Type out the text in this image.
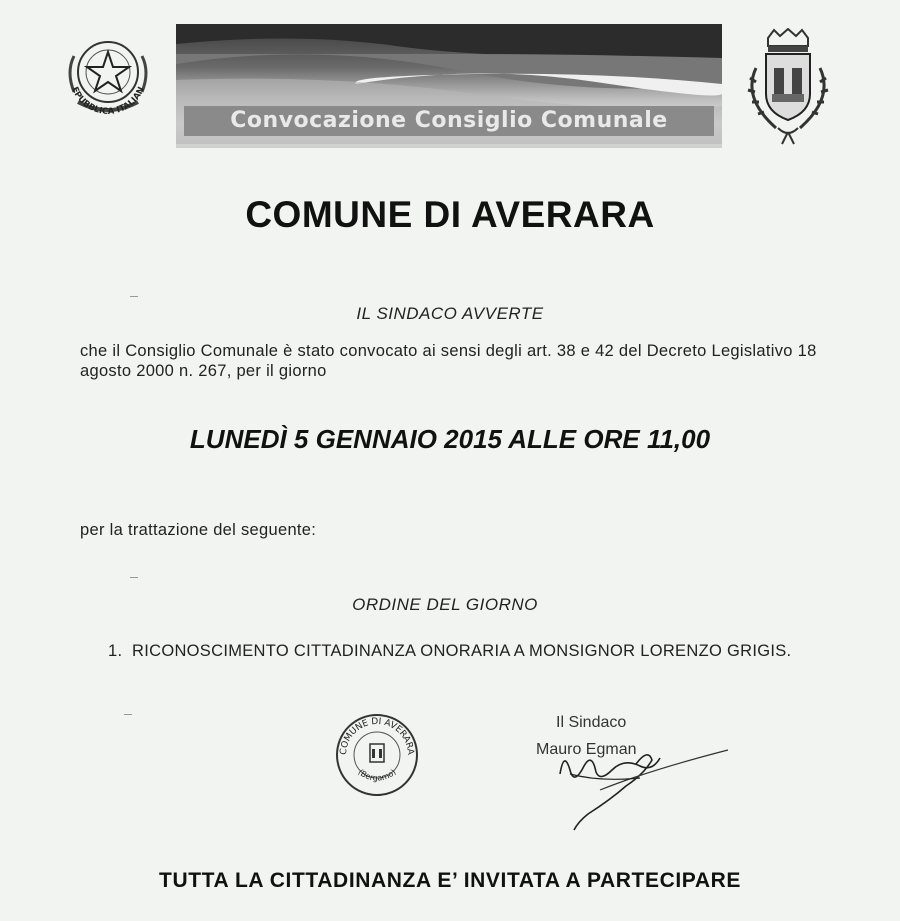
EPUBBLICA ITALIAN
Convocazione Consiglio Comunale
COMUNE DI AVERARA
IL SINDACO AVVERTE
che il Consiglio Comunale è stato convocato ai sensi degli art. 38 e 42 del Decreto Legislativo 18 agosto 2000 n. 267, per il giorno
LUNEDÌ 5 GENNAIO 2015 ALLE ORE 11,00
per la trattazione del seguente:
ORDINE DEL GIORNO
1. RICONOSCIMENTO CITTADINANZA ONORARIA A MONSIGNOR LORENZO GRIGIS.
COMUNE DI AVERARA
(Bergamo)
Il Sindaco
Mauro Egman
TUTTA LA CITTADINANZA E’ INVITATA A PARTECIPARE
